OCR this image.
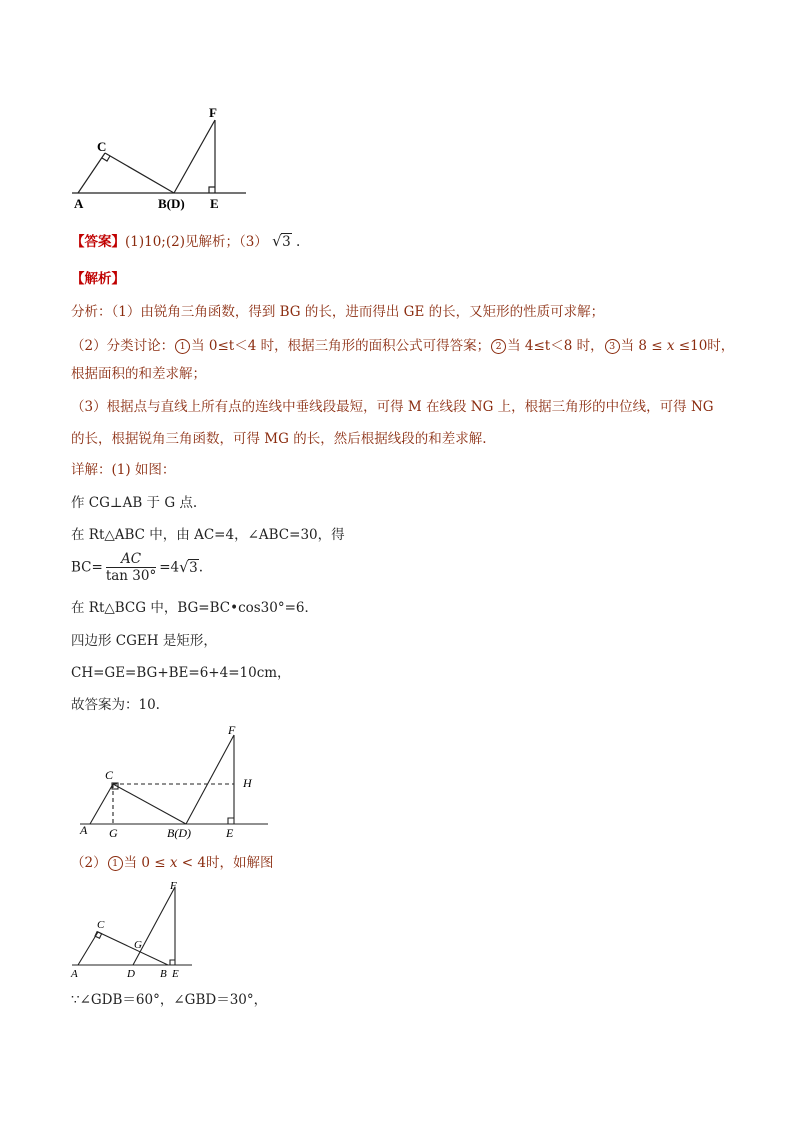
C
F
A	B(D) E
【答案】(1)10;(2)见解析；（3） √ 3 .
【解析】
分析：（1）由锐角三角函数，得到 BG 的长，进而得出 GE 的长，又矩形的性质可求解；
（2）分类讨论： 1 当 0≤t＜4 时，根据三角形的面积公式可得答案； 2 当 4≤t＜8 时， 3 当 8 ≤ x ≤10时，
根据面积的和差求解；
（3）根据点与直线上所有点的连线中垂线段最短，可得 M 在线段 NG 上，根据三角形的中位线，可得 NG
的长，根据锐角三角函数，可得 MG 的长，然后根据线段的和差求解.
详解：(1) 如图：
作 CG⊥AB 于 G 点.
在 Rt△ABC 中，由 AC=4，∠ABC=30，得
$BC= \frac{AC}{\tan 30^\circ} =4$ √ 3.
在 Rt△BCG 中，BG=BC•cos30°=6．
四边形 CGEH 是矩形，
CH=GE=BG+BE=6+4=10cm，
故答案为：10.
F
C
H
A G	B(D)	E
（2） 1 当 0 ≤ x < 4时，如解图
F
C
G
A	D B E
∵∠GDB＝60°，∠GBD＝30°，
